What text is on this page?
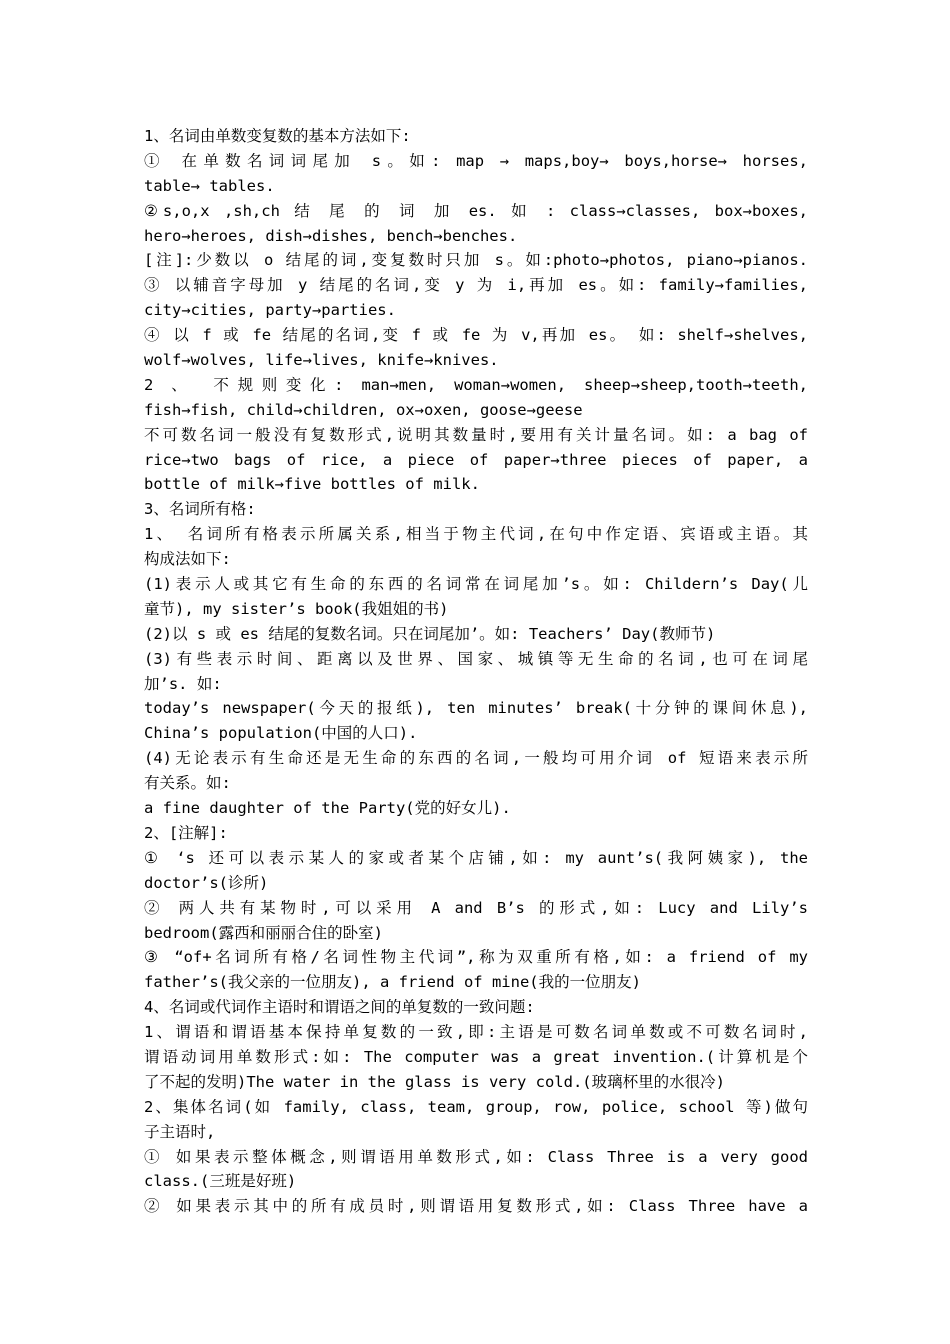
1、名词由单数变复数的基本方法如下:
① 在单数名词词尾加 s。如: map → maps,boy→ boys,horse→ horses,
table→ tables.
②s,o,x ,sh,ch 结 尾 的 词 加 es. 如 : class→classes, box→boxes,
hero→heroes, dish→dishes, bench→benches.
[注]:少数以 o 结尾的词,变复数时只加 s。如:photo→photos, piano→pianos.
③ 以辅音字母加 y 结尾的名词,变 y 为 i,再加 es。如: family→families,
city→cities, party→parties.
④ 以 f 或 fe 结尾的名词,变 f 或 fe 为 v,再加 es。 如: shelf→shelves,
wolf→wolves, life→lives, knife→knives.
2 、 不规则变化: man→men, woman→women, sheep→sheep,tooth→teeth,
fish→fish, child→children, ox→oxen, goose→geese
不可数名词一般没有复数形式,说明其数量时,要用有关计量名词。如: a bag of
rice→two bags of rice, a piece of paper→three pieces of paper, a
bottle of milk→five bottles of milk.
3、名词所有格:
1、 名词所有格表示所属关系,相当于物主代词,在句中作定语、宾语或主语。其
构成法如下:
(1)表示人或其它有生命的东西的名词常在词尾加’s。如: Childern’s Day(儿
童节), my sister’s book(我姐姐的书)
(2)以 s 或 es 结尾的复数名词。只在词尾加’。如: Teachers’ Day(教师节)
(3)有些表示时间、距离以及世界、国家、城镇等无生命的名词,也可在词尾
加’s. 如:
today’s newspaper(今天的报纸), ten minutes’ break(十分钟的课间休息),
China’s population(中国的人口).
(4)无论表示有生命还是无生命的东西的名词,一般均可用介词 of 短语来表示所
有关系。如:
a fine daughter of the Party(党的好女儿).
2、[注解]:
① ‘s 还可以表示某人的家或者某个店铺,如: my aunt’s(我阿姨家), the
doctor’s(诊所)
② 两人共有某物时,可以采用 A and B’s 的形式,如: Lucy and Lily’s
bedroom(露西和丽丽合住的卧室)
③ “of+名词所有格/名词性物主代词”,称为双重所有格,如: a friend of my
father’s(我父亲的一位朋友), a friend of mine(我的一位朋友)
4、名词或代词作主语时和谓语之间的单复数的一致问题:
1、谓语和谓语基本保持单复数的一致,即:主语是可数名词单数或不可数名词时,
谓语动词用单数形式:如: The computer was a great invention.(计算机是个
了不起的发明)The water in the glass is very cold.(玻璃杯里的水很冷)
2、集体名词(如 family, class, team, group, row, police, school 等)做句
子主语时,
① 如果表示整体概念,则谓语用单数形式,如: Class Three is a very good
class.(三班是好班)
② 如果表示其中的所有成员时,则谓语用复数形式,如: Class Three have a
